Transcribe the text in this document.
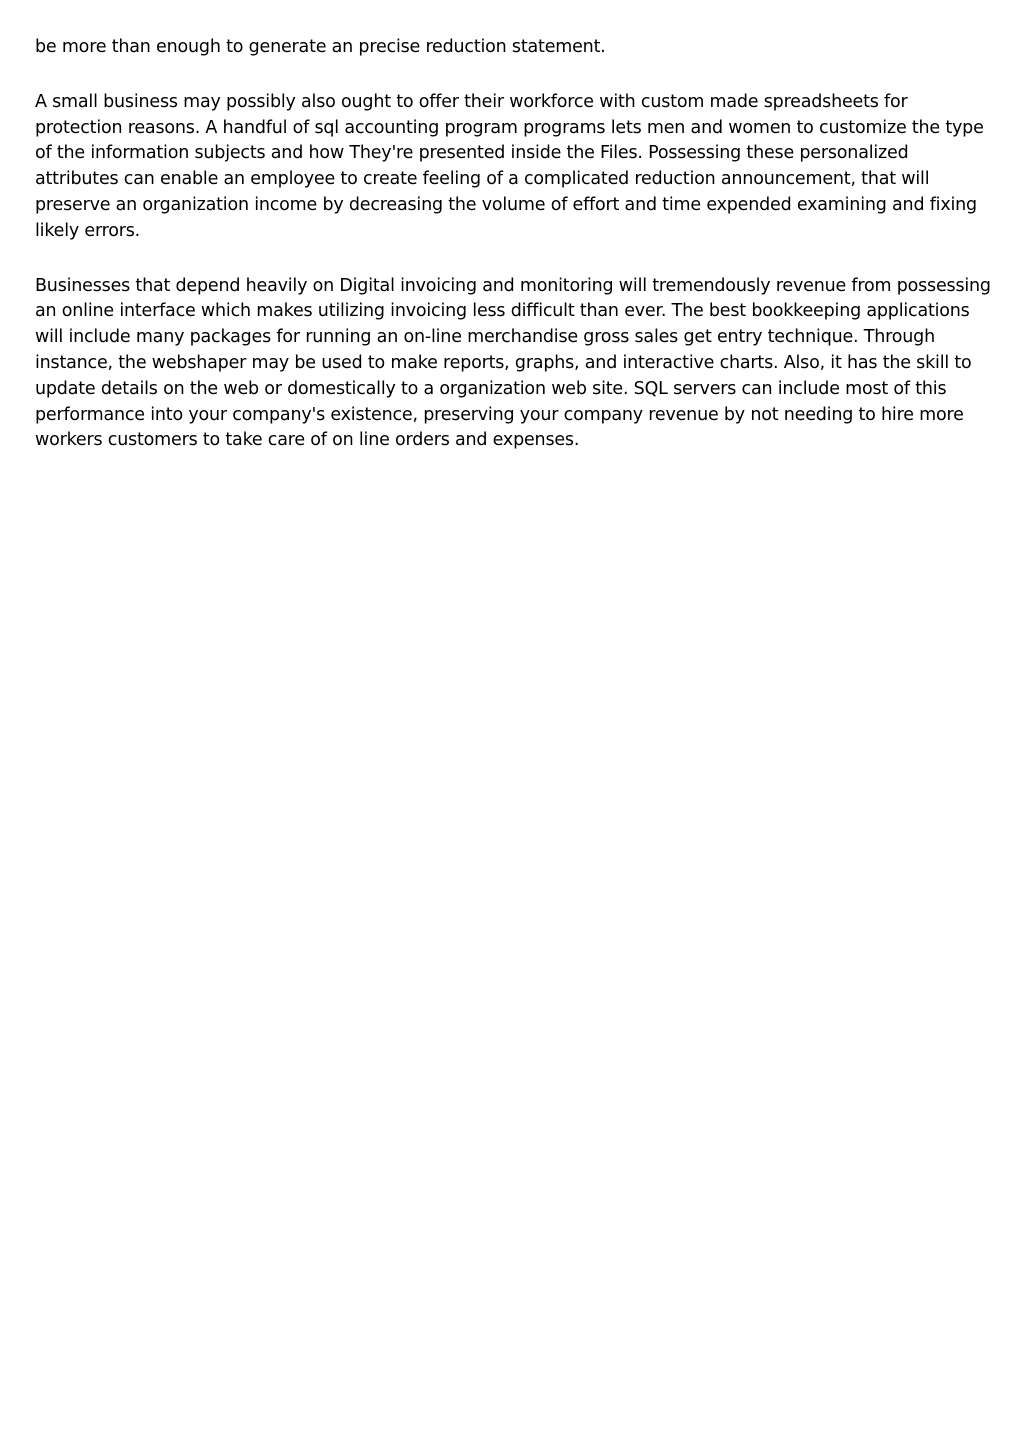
be more than enough to generate an precise reduction statement.

A small business may possibly also ought to offer their workforce with custom made spreadsheets for protection reasons. A handful of sql accounting program programs lets men and women to customize the type of the information subjects and how They're presented inside the Files. Possessing these personalized attributes can enable an employee to create feeling of a complicated reduction announcement, that will preserve an organization income by decreasing the volume of effort and time expended examining and fixing likely errors.

Businesses that depend heavily on Digital invoicing and monitoring will tremendously revenue from possessing an online interface which makes utilizing invoicing less difficult than ever. The best bookkeeping applications will include many packages for running an on-line merchandise gross sales get entry technique. Through instance, the webshaper may be used to make reports, graphs, and interactive charts. Also, it has the skill to update details on the web or domestically to a organization web site. SQL servers can include most of this performance into your company's existence, preserving your company revenue by not needing to hire more workers customers to take care of on line orders and expenses.
